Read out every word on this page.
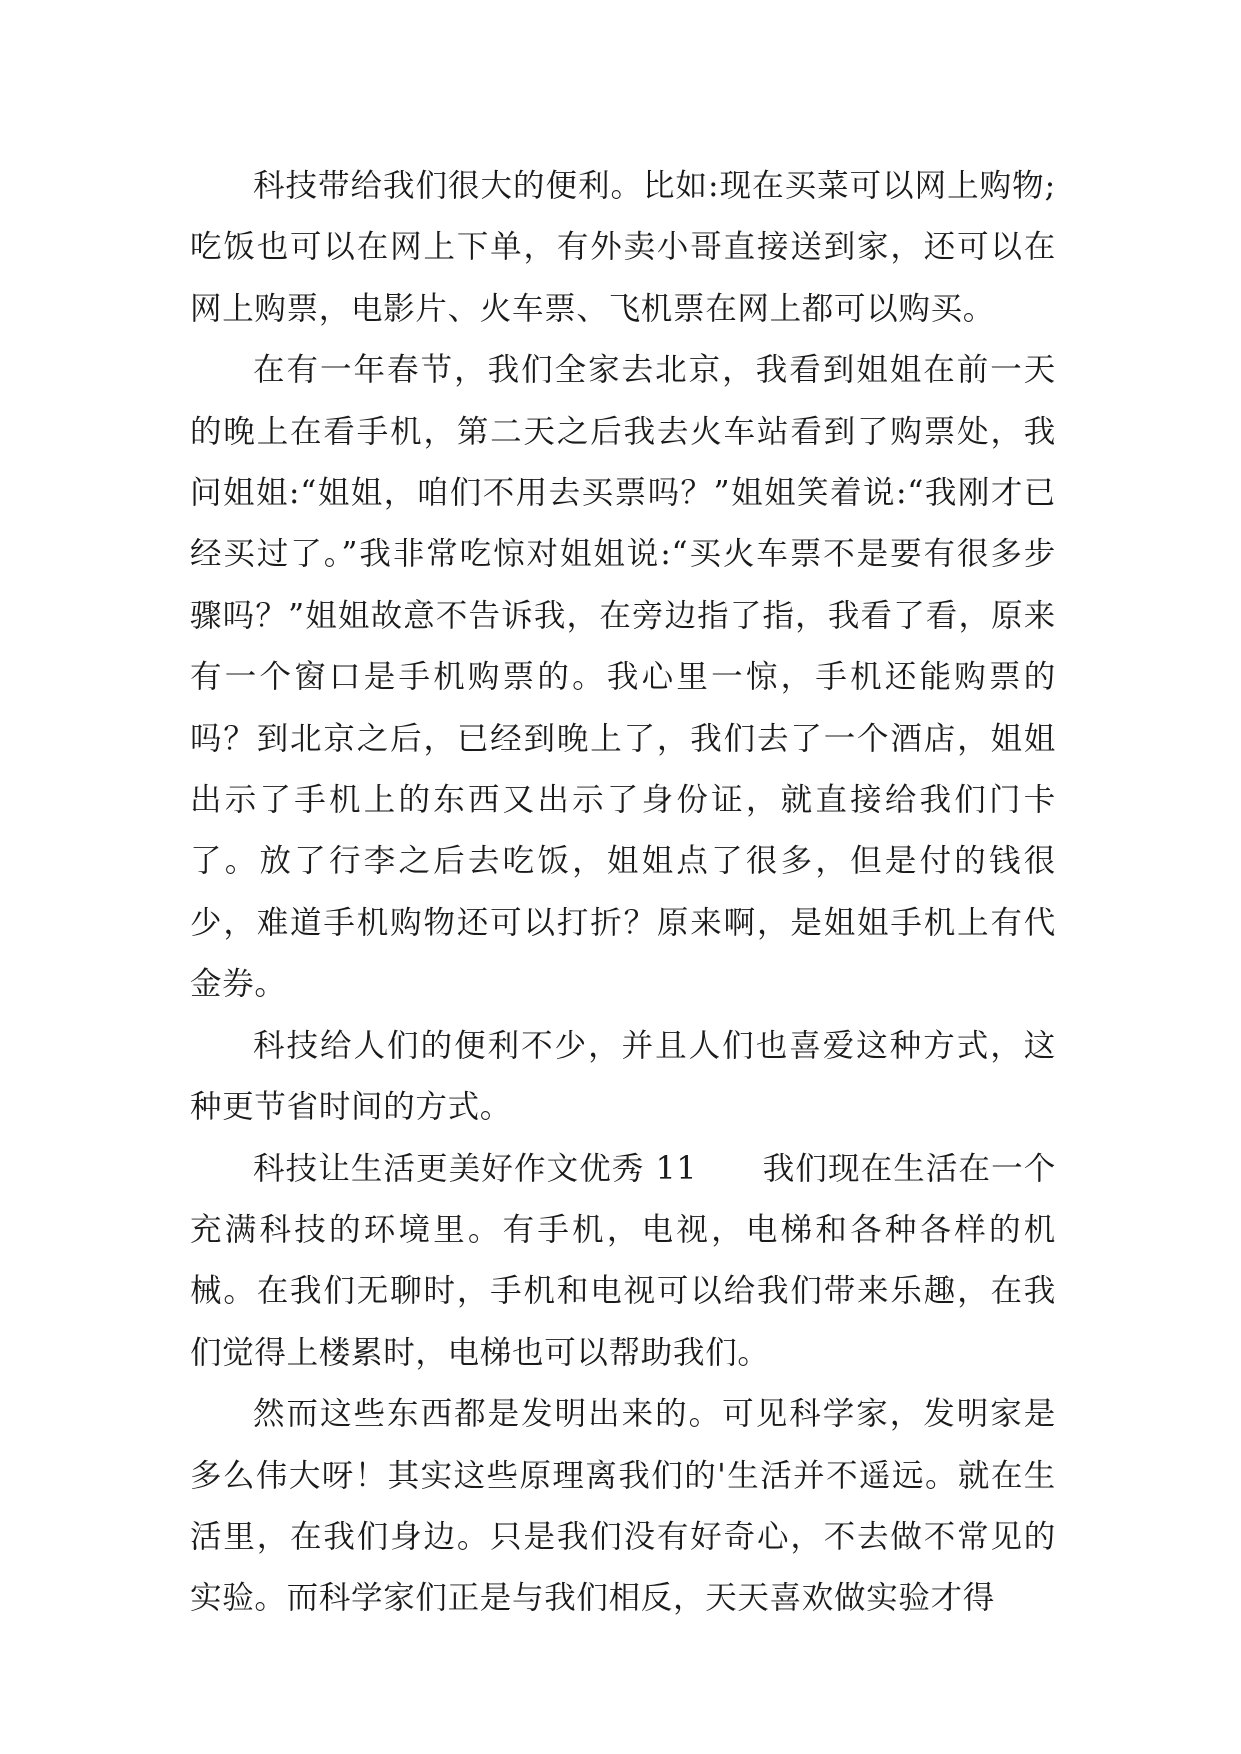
科技带给我们很大的便利。比如:现在买菜可以网上购物;吃饭也可以在网上下单，有外卖小哥直接送到家，还可以在网上购票，电影片、火车票、飞机票在网上都可以购买。

在有一年春节，我们全家去北京，我看到姐姐在前一天的晚上在看手机，第二天之后我去火车站看到了购票处，我问姐姐:“姐姐，咱们不用去买票吗？”姐姐笑着说:“我刚才已经买过了。”我非常吃惊对姐姐说:“买火车票不是要有很多步骤吗？”姐姐故意不告诉我，在旁边指了指，我看了看，原来有一个窗口是手机购票的。我心里一惊，手机还能购票的吗？到北京之后，已经到晚上了，我们去了一个酒店，姐姐出示了手机上的东西又出示了身份证，就直接给我们门卡了。放了行李之后去吃饭，姐姐点了很多，但是付的钱很少，难道手机购物还可以打折？原来啊，是姐姐手机上有代金券。

科技给人们的便利不少，并且人们也喜爱这种方式，这种更节省时间的方式。

科技让生活更美好作文优秀 11　　我们现在生活在一个充满科技的环境里。有手机，电视，电梯和各种各样的机械。在我们无聊时，手机和电视可以给我们带来乐趣，在我们觉得上楼累时，电梯也可以帮助我们。

然而这些东西都是发明出来的。可见科学家，发明家是多么伟大呀！其实这些原理离我们的'生活并不遥远。就在生活里，在我们身边。只是我们没有好奇心，不去做不常见的实验。而科学家们正是与我们相反，天天喜欢做实验才得
